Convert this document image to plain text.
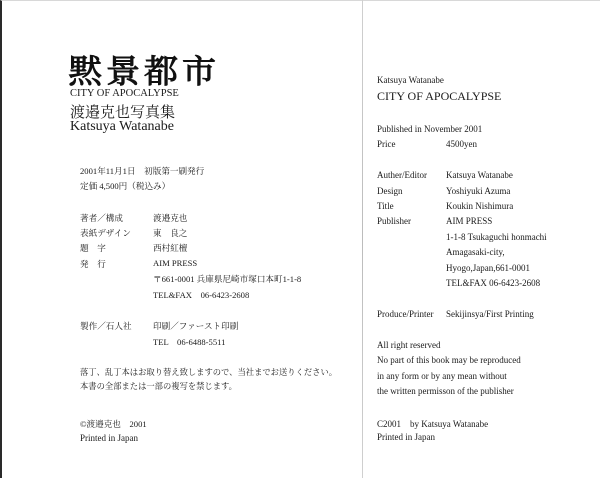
黙景都市
CITY OF APOCALYPSE
渡邉克也写真集
Katsuya Watanabe
2001年11月1日　初版第一刷発行
定価 4,500円（税込み）
著者／構成	渡邉克也
表紙デザイン	東　良之
題　字	西村紅檀
発　行	AIM PRESS
〒661-0001 兵庫県尼崎市塚口本町1-1-8
TEL&FAX　06-6423-2608
製作／石人社 印刷／ファースト印刷
TEL　06-6488-5511
落丁、乱丁本はお取り替え致しますので、当社までお送りください。
本書の全部または一部の複写を禁じます。
©渡邉克也　2001
Printed in Japan
Katsuya Watanabe
CITY OF APOCALYPSE
Published in November 2001
Price	4500yen
Auther/Editor Katsuya Watanabe
Design	Yoshiyuki Azuma
Title	Koukin Nishimura
Publisher	AIM PRESS
1-1-8 Tsukaguchi honmachi
Amagasaki-city,
Hyogo,Japan,661-0001
TEL&FAX 06-6423-2608
Produce/Printer Sekijinsya/First Printing
All right reserved
No part of this book may be reproduced
in any form or by any mean without
the written permisson of the publisher
C2001　by Katsuya Watanabe
Printed in Japan
